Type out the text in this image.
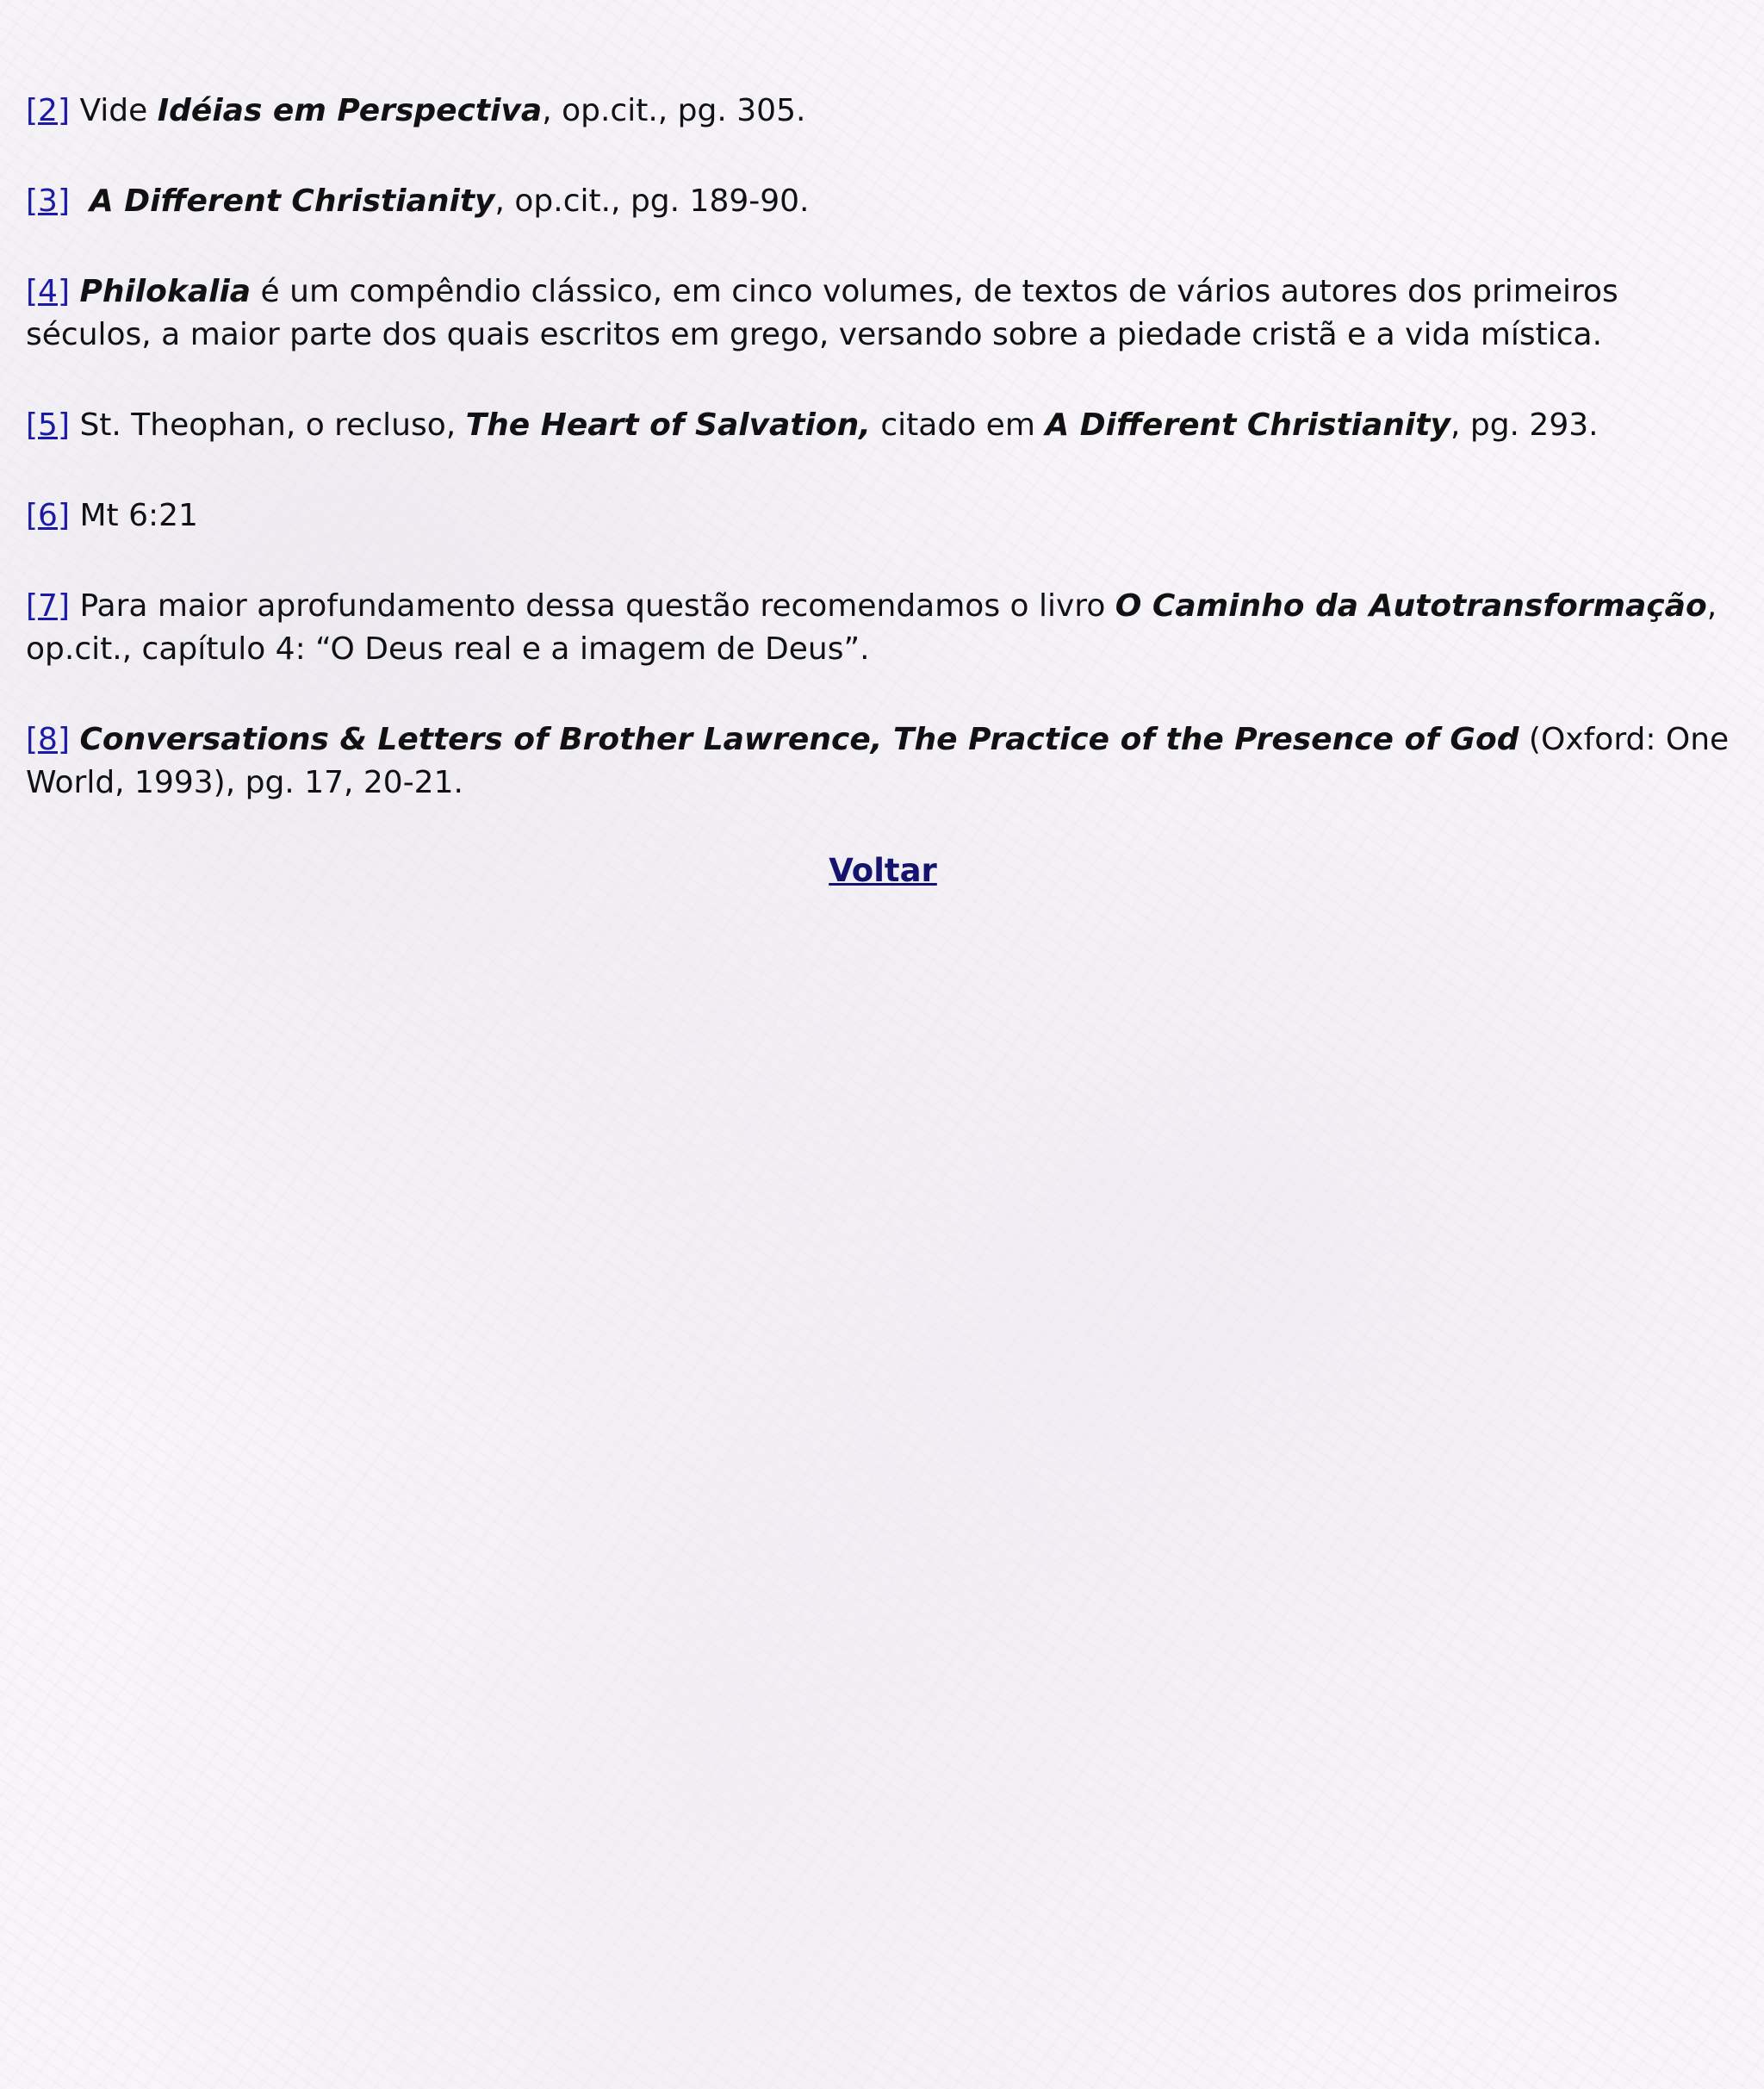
[2] Vide Idéias em Perspectiva, op.cit., pg. 305.

[3] A Different Christianity, op.cit., pg. 189-90.

[4] Philokalia é um compêndio clássico, em cinco volumes, de textos de vários autores dos primeiros séculos, a maior parte dos quais escritos em grego, versando sobre a piedade cristã e a vida mística.

[5] St. Theophan, o recluso, The Heart of Salvation, citado em A Different Christianity, pg. 293.

[6] Mt 6:21

[7] Para maior aprofundamento dessa questão recomendamos o livro O Caminho da Autotransformação, op.cit., capítulo 4: “O Deus real e a imagem de Deus”.

[8] Conversations & Letters of Brother Lawrence, The Practice of the Presence of God (Oxford: One World, 1993), pg. 17, 20-21.

Voltar
